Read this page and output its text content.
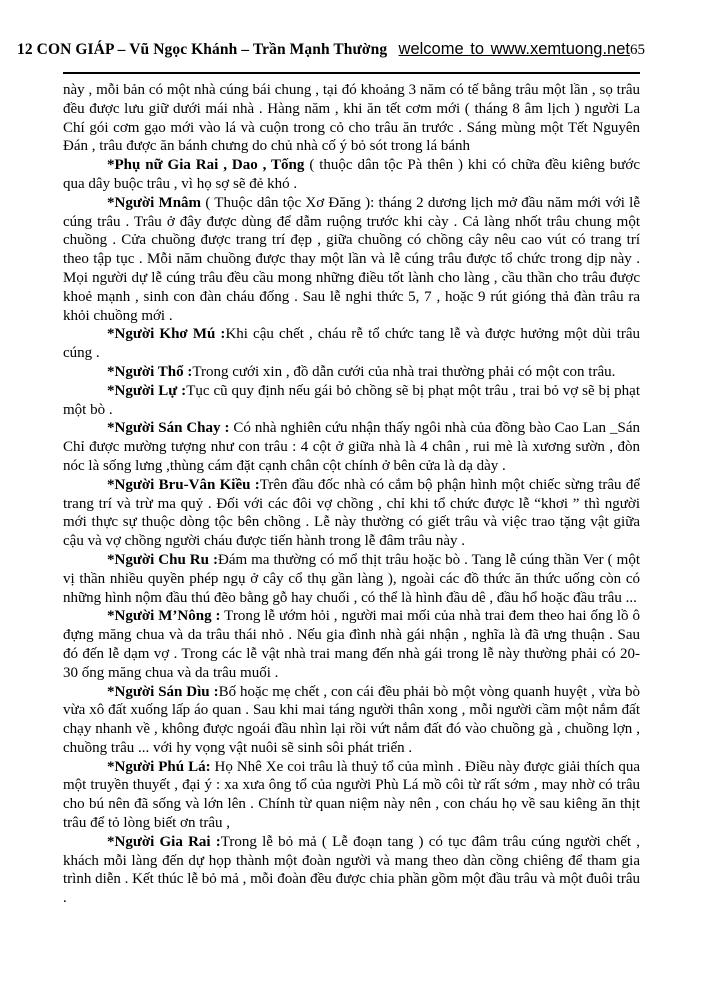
12 CON GIÁP – Vũ Ngọc Khánh – Trần Mạnh Thường welcome to www.xemtuong.net65

này , mỗi bản có một nhà cúng bái chung , tại đó khoảng 3 năm có tế bằng trâu một lần , sọ trâu đều được lưu giữ dưới mái nhà . Hàng năm , khi ăn tết cơm mới ( tháng 8 âm lịch ) người La Chí gói cơm gạo mới vào lá và cuộn trong cỏ cho trâu ăn trước . Sáng mùng một Tết Nguyên Đán , trâu được ăn bánh chưng do chủ nhà cố ý bỏ sót trong lá bánh

*Phụ nữ Gia Rai , Dao , Tống ( thuộc dân tộc Pà thên ) khi có chữa đều kiêng bước qua dây buộc trâu , vì họ sợ sẽ đẻ khó .

*Người Mnâm ( Thuộc dân tộc Xơ Đăng ): tháng 2 dương lịch mở đầu năm mới với lễ cúng trâu . Trâu ở đây được dùng để dẫm ruộng trước khi cày . Cả làng nhốt trâu chung một chuồng . Cửa chuồng được trang trí đẹp , giữa chuồng có chồng cây nêu cao vút có trang trí theo tập tục . Mỗi năm chuồng được thay một lần và lễ cúng trâu được tổ chức trong dịp này . Mọi người dự lễ cúng trâu đều cầu mong những điều tốt lành cho làng , cầu thần cho trâu được khoẻ mạnh , sinh con đàn cháu đống . Sau lễ nghi thức 5, 7 , hoặc 9 rút gióng thả đàn trâu ra khỏi chuồng mới .

*Người Khơ Mú :Khi cậu chết , cháu rễ tổ chức tang lễ và được hưởng một dùi trâu cúng .

*Người Thổ :Trong cưới xin , đồ dẫn cưới của nhà trai thường phải có một con trâu.

*Người Lự :Tục cũ quy định nếu gái bỏ chồng sẽ bị phạt một trâu , trai bỏ vợ sẽ bị phạt một bò .

*Người Sán Chay : Có nhà nghiên cứu nhận thấy ngôi nhà của đồng bào Cao Lan _Sán Chỉ được mường tượng như con trâu : 4 cột ở giữa nhà là 4 chân , rui mè là xương sườn , đòn nóc là sống lưng ,thùng cám đặt cạnh chân cột chính ở bên cửa là dạ dày .

*Người Bru-Vân Kiều :Trên đầu đốc nhà có cắm bộ phận hình một chiếc sừng trâu để trang trí và trừ ma quỷ . Đối với các đôi vợ chồng , chỉ khi tổ chức được lễ “khơi ” thì người mới thực sự thuộc dòng tộc bên chồng . Lễ này thường có giết trâu và việc trao tặng vật giữa cậu và vợ chồng người cháu được tiến hành trong lễ đâm trâu này .

*Người Chu Ru :Đám ma thường có mổ thịt trâu hoặc bò . Tang lễ cúng thần Ver ( một vị thần nhiều quyền phép ngụ ở cây cổ thụ gần làng ), ngoài các đồ thức ăn thức uống còn có những hình nộm đầu thú đẽo bằng gỗ hay chuối , có thể là hình đầu dê , đầu hổ hoặc đầu trâu ...

*Người M’Nông : Trong lễ ướm hỏi , người mai mối của nhà trai đem theo hai ống lồ ô đựng măng chua và da trâu thái nhỏ . Nếu gia đình nhà gái nhận , nghĩa là đã ưng thuận . Sau đó đến lễ dạm vợ . Trong các lễ vật nhà trai mang đến nhà gái trong lễ này thường phải có 20-30 ống măng chua và da trâu muối .

*Người Sán Dìu :Bố hoặc mẹ chết , con cái đều phải bò một vòng quanh huyệt , vừa bò vừa xô đất xuống lấp áo quan . Sau khi mai táng người thân xong , mỗi người cầm một nắm đất chạy nhanh về , không được ngoái đầu nhìn lại rồi vứt nắm đất đó vào chuồng gà , chuồng lợn , chuồng trâu ... với hy vọng vật nuôi sẽ sinh sôi phát triển .

*Người Phú Lá: Họ Nhê Xe coi trâu là thuỷ tổ của mình . Điều này được giải thích qua một truyền thuyết , đại ý : xa xưa ông tổ của người Phù Lá mồ côi từ rất sớm , may nhờ có trâu cho bú nên đã sống và lớn lên . Chính từ quan niệm này nên , con cháu họ về sau kiêng ăn thịt trâu để tỏ lòng biết ơn trâu ,

*Người Gia Rai :Trong lễ bỏ mả ( Lễ đoạn tang ) có tục đâm trâu cúng người chết , khách mỗi làng đến dự họp thành một đoàn người và mang theo dàn cồng chiêng để tham gia trình diễn . Kết thúc lễ bỏ mả , mỗi đoàn đều được chia phần gồm một đầu trâu và một đuôi trâu .
